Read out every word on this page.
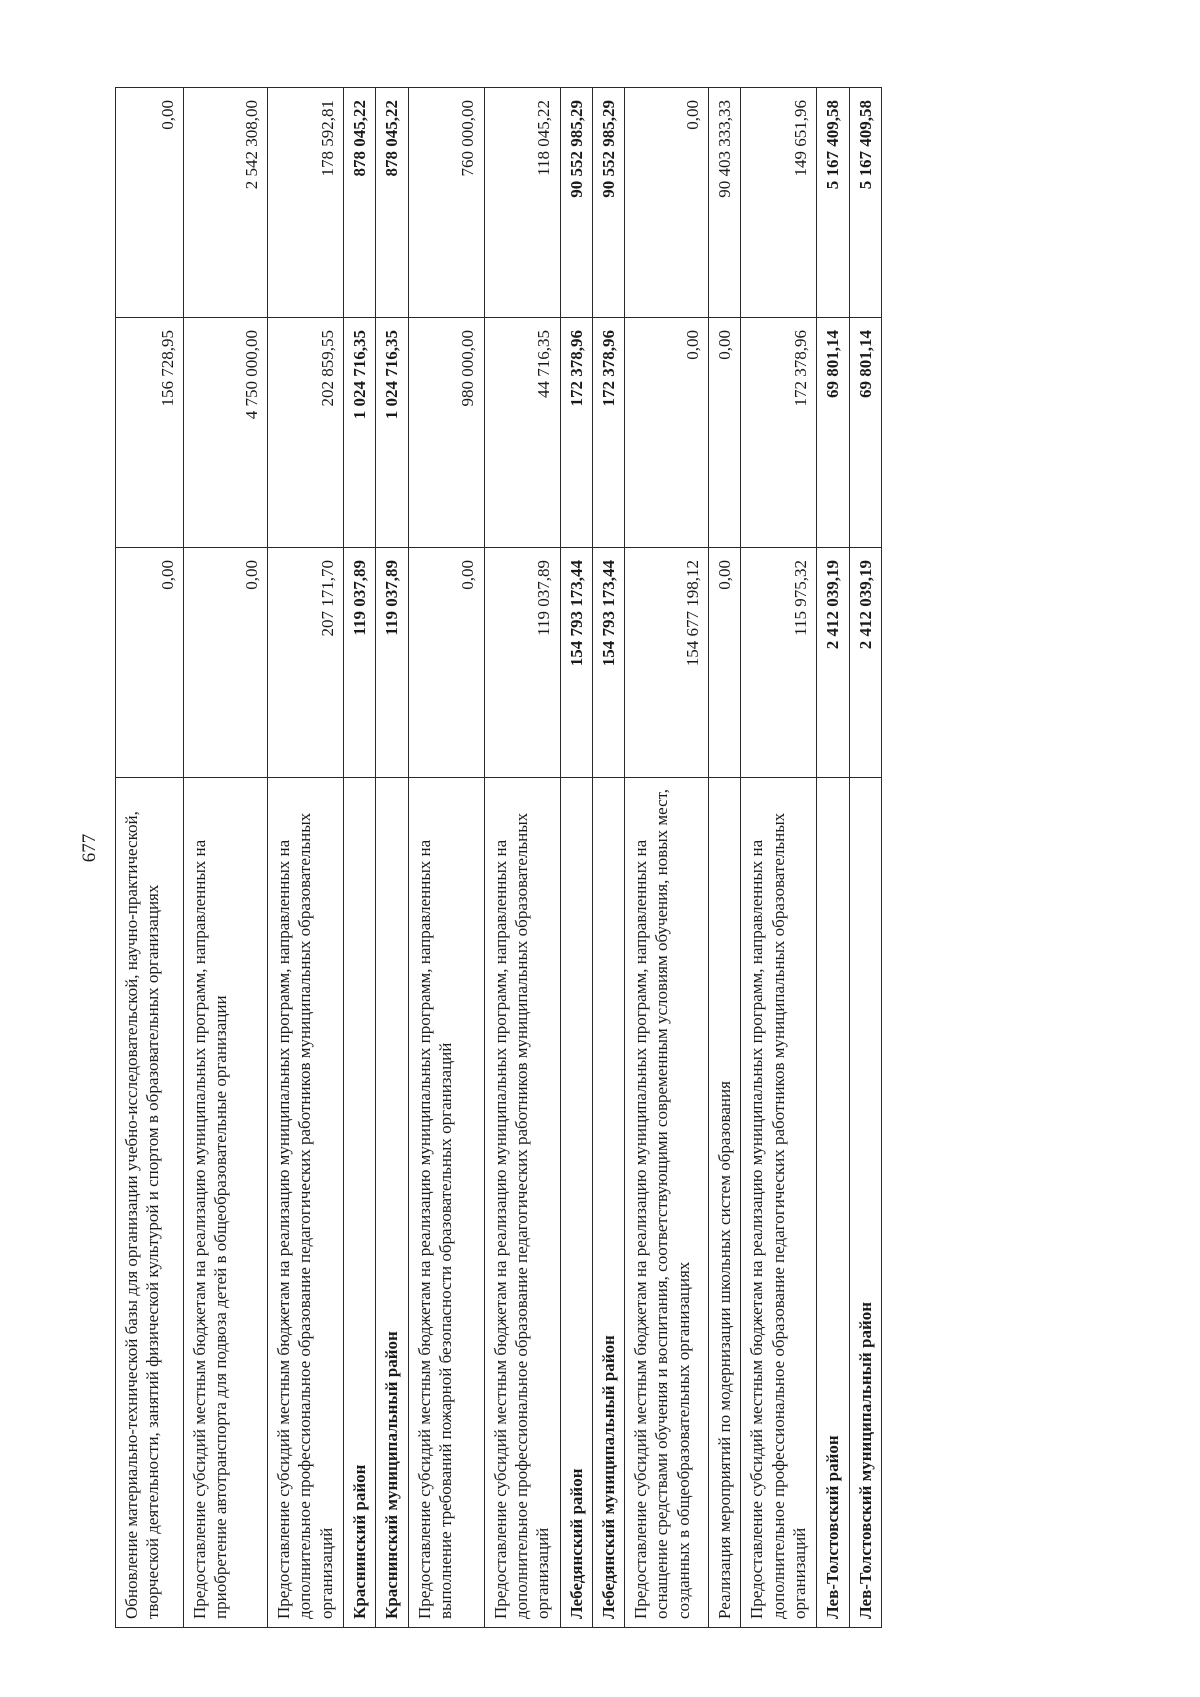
677	Обновление материально-технической базы для организации учебно-исследовательской, научно-практической, творческой деятельности, занятий физической культурой и спортом в образовательных организациях	0,00	156 728,95	0,00
Предоставление субсидий местным бюджетам на реализацию муниципальных программ, направленных на приобретение автотранспорта для подвоза детей в общеобразовательные организации	0,00	4 750 000,00	2 542 308,00
Предоставление субсидий местным бюджетам на реализацию муниципальных программ, направленных на дополнительное профессиональное образование педагогических работников муниципальных образовательных организаций	207 171,70	202 859,55	178 592,81
Краснинский район	119 037,89	1 024 716,35	878 045,22
Краснинский муниципальный район	119 037,89	1 024 716,35	878 045,22
Предоставление субсидий местным бюджетам на реализацию муниципальных программ, направленных на выполнение требований пожарной безопасности образовательных организаций	0,00	980 000,00	760 000,00
Предоставление субсидий местным бюджетам на реализацию муниципальных программ, направленных на дополнительное профессиональное образование педагогических работников муниципальных образовательных организаций	119 037,89	44 716,35	118 045,22
Лебедянский район	154 793 173,44	172 378,96	90 552 985,29
Лебедянский муниципальный район	154 793 173,44	172 378,96	90 552 985,29
Предоставление субсидий местным бюджетам на реализацию муниципальных программ, направленных на оснащение средствами обучения и воспитания, соответствующими современным условиям обучения, новых мест, созданных в общеобразовательных организациях	154 677 198,12	0,00	0,00
Реализация мероприятий по модернизации школьных систем образования	0,00	0,00	90 403 333,33
Предоставление субсидий местным бюджетам на реализацию муниципальных программ, направленных на дополнительное профессиональное образование педагогических работников муниципальных образовательных организаций	115 975,32	172 378,96	149 651,96
Лев-Толстовский район	2 412 039,19	69 801,14	5 167 409,58
Лев-Толстовский муниципальный район	2 412 039,19	69 801,14	5 167 409,58
